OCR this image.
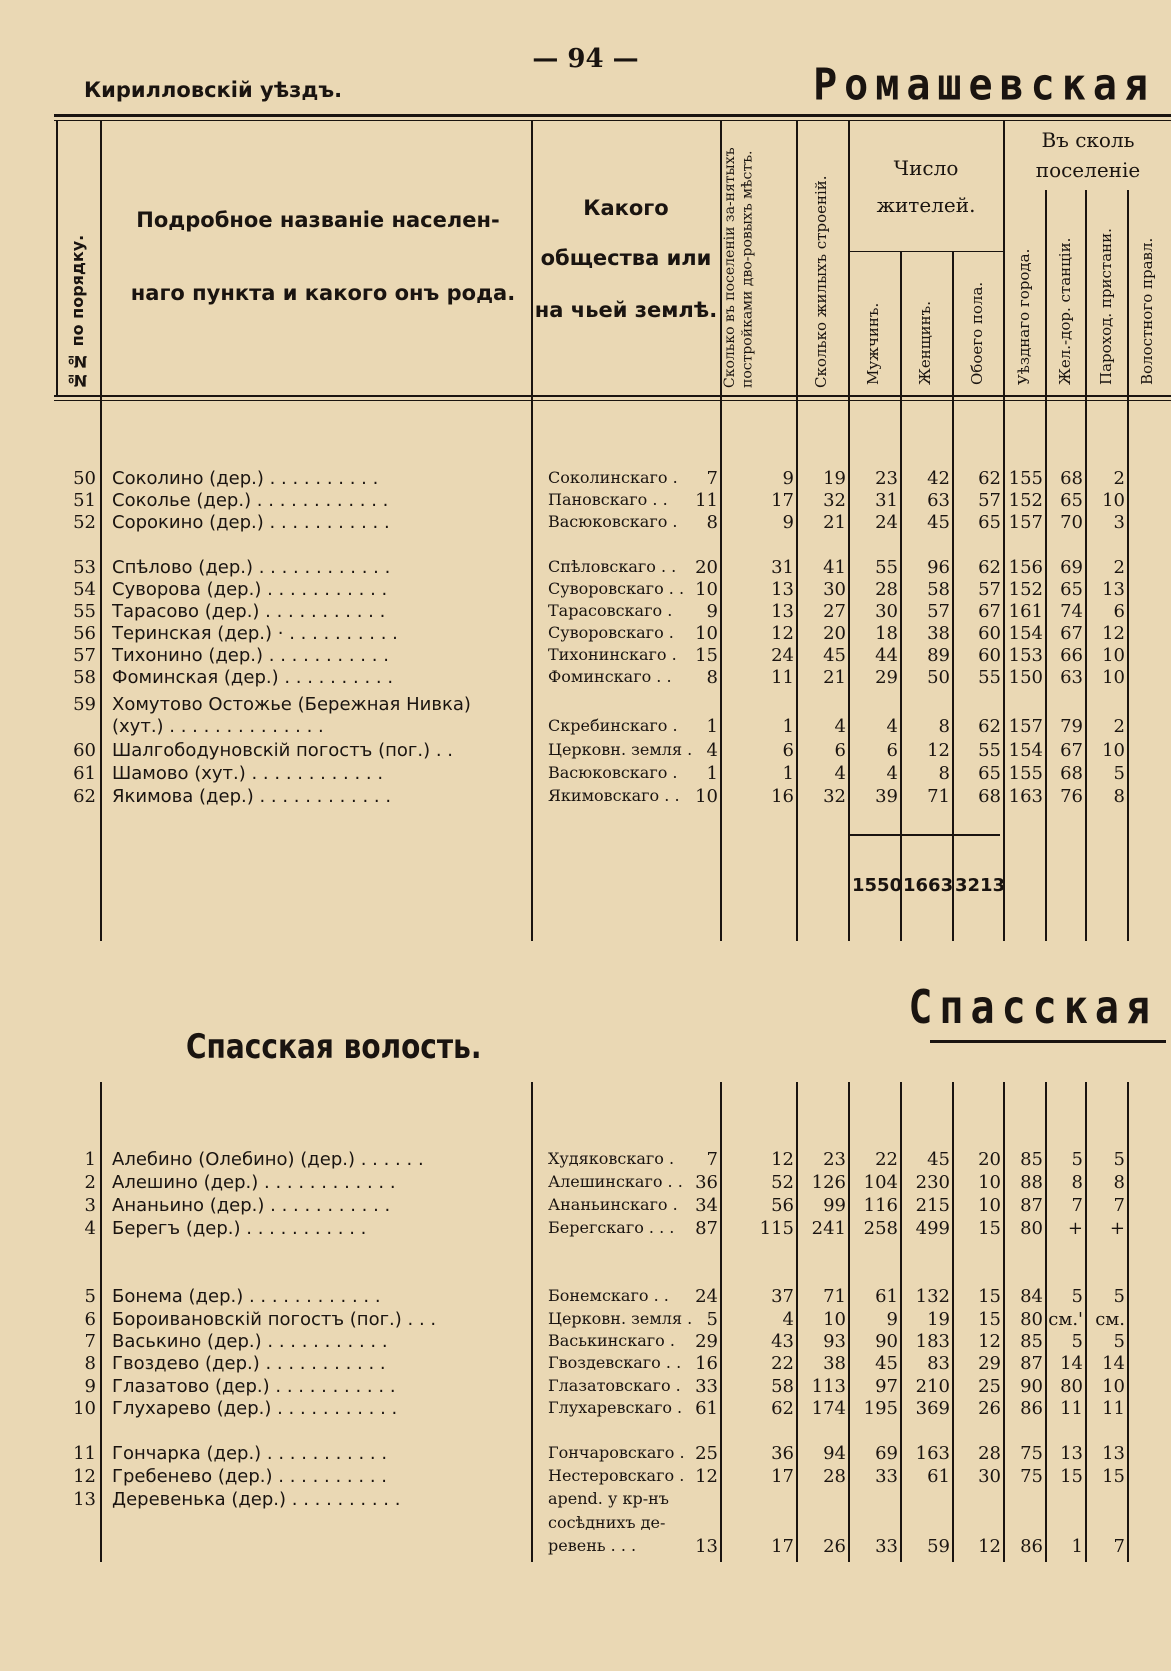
— 94 —
Кирилловскій уѣздъ.	Ромашевская
№№ по порядку.
Подробное названіе населен-
наго пункта и какого онъ рода.
Какого
общества или
на чьей землѣ. Сколько въ поселеніи за-нятыхъ постройками дво-ровыхъ мѣстъ.	Сколько жилыхъ строеній.
Число
жителей.
Мужчинъ. Женщинъ. Обоего пола.
Въ сколь
поселеніе
Уѣзднаго города. Жел.-дор. станціи. Пароход. пристани. Волостного правл.
50 Соколино (дер.) . . . . . . . . . .	Соколинскаго .	7	9 19 23 42 62 155 68 2
51 Соколье (дер.) . . . . . . . . . . . .	Пановскаго . .	11	17 32 31 63 57 152 65 10
52 Сорокино (дер.) . . . . . . . . . . .	Васюковскаго .	8	9 21 24 45 65 157 70 3
53 Спѣлово (дер.) . . . . . . . . . . . .	Спѣловскаго . .	20	31 41 55 96 62 156 69 2
54 Суворова (дер.) . . . . . . . . . . .	Суворовскаго . . 10	13 30 28 58 57 152 65 13
55 Тарасово (дер.) . . . . . . . . . . .	Тарасовскаго .	9	13 27 30 57 67 161 74 6
56 Теринская (дер.) · . . . . . . . . . .	Суворовскаго .	10	12 20 18 38 60 154 67 12
57 Тихонино (дер.) . . . . . . . . . . .	Тихонинскаго .	15	24 45 44 89 60 153 66 10
58 Фоминская (дер.) . . . . . . . . . .	Фоминскаго . .	8	11 21 29 50 55 150 63 10
59 Хомутово Остожье (Бережная Нивка)
(хут.) . . . . . . . . . . . . . .	Скребинскаго .	1	1 4 4 8 62 157 79 2
60 Шалгободуновскій погостъ (пог.) . .	Церковн. земля . 4	6 6 6 12 55 154 67 10
61 Шамово (хут.) . . . . . . . . . . . .	Васюковскаго .	1	1 4 4 8 65 155 68 5
62 Якимова (дер.) . . . . . . . . . . . .	Якимовскаго . . 10	16 32 39 71 68 163 76 8
1550 1663 3213
Спасская
Спасская волость.
1 Алебино (Олебино) (дер.) . . . . . .	Худяковскаго .	7	12 23 22 45 20 85 5 5
2 Алешино (дер.) . . . . . . . . . . . .	Алешинскаго . . 36	52 126 104 230 10 88 8 8
3 Ананьино (дер.) . . . . . . . . . . .	Ананьинскаго . 34	56 99 116 215 10 87 7 7
4 Берегъ (дер.) . . . . . . . . . . .	Берегскаго . . .	87 115 241 258 499 15 80 + +
5 Бонема (дер.) . . . . . . . . . . . .	Бонемскаго . .	24	37 71 61 132 15 84 5 5
6 Бороивановскій погостъ (пог.) . . .	Церковн. земля . 5	4 10 9 19 15 80 см.' см.
7 Васькино (дер.) . . . . . . . . . . .	Васькинскаго .	29	43 93 90 183 12 85 5 5
8 Гвоздево (дер.) . . . . . . . . . . .	Гвоздевскаго . . 16	22 38 45 83 29 87 14 14
9 Глазатово (дер.) . . . . . . . . . . .	Глазатовскаго . 33	58 113 97 210 25 90 80 10
10 Глухарево (дер.) . . . . . . . . . . .	Глухаревскаго . 61	62 174 195 369 26 86 11 11
11 Гончарка (дер.) . . . . . . . . . . .	Гончаровскаго . 25	36 94 69 163 28 75 13 13
12 Гребенево (дер.) . . . . . . . . . .	Нестеровскаго . 12	17 28 33 61 30 75 15 15
13 Деревенька (дер.) . . . . . . . . . .	арend. у кр-нъ
сосѣднихъ де-
ревень . . .	13	17 26 33 59 12 86 1 7
